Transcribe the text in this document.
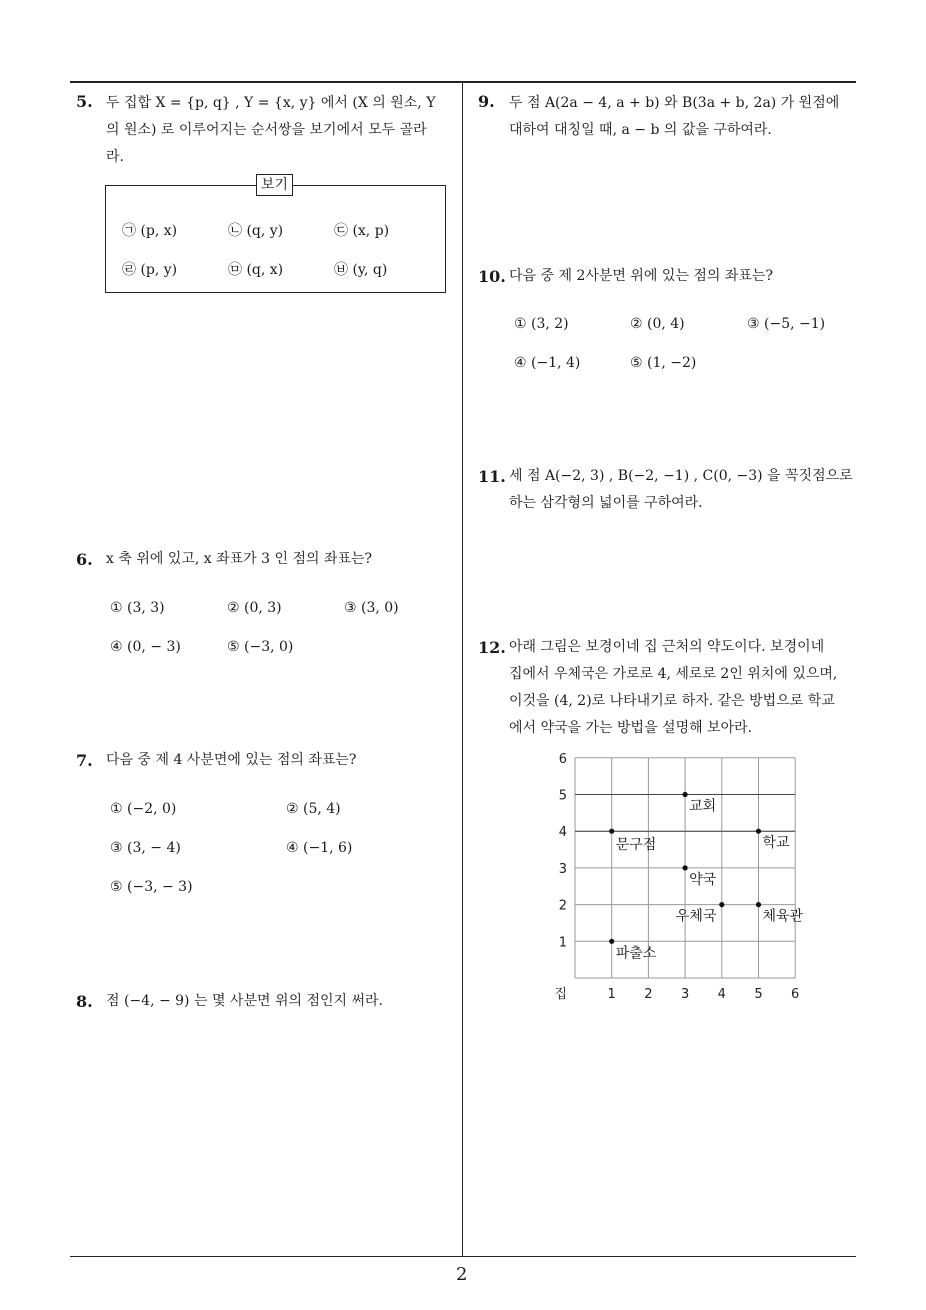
2
5. 두 집합 X = {p, q} , Y = {x, y} 에서 (X 의 원소, Y
의 원소) 로 이루어지는 순서쌍을 보기에서 모두 골라
라.
보기
㉠ (p, x)	㉡ (q, y)	㉢ (x, p)
㉣ (p, y)	㉤ (q, x)	㉥ (y, q)
6. x 축 위에 있고, x 좌표가 3 인 점의 좌표는?
① (3, 3)	② (0, 3)	③ (3, 0)
④ (0, − 3)	⑤ (−3, 0)
7. 다음 중 제 4 사분면에 있는 점의 좌표는?
① (−2, 0)	② (5, 4)
③ (3, − 4)	④ (−1, 6)
⑤ (−3, − 3)
8. 점 (−4, − 9) 는 몇 사분면 위의 점인지 써라.
9. 두 점 A(2a − 4, a + b) 와 B(3a + b, 2a) 가 원점에
대하여 대칭일 때, a − b 의 값을 구하여라.
10. 다음 중 제 2사분면 위에 있는 점의 좌표는?
① (3, 2)	② (0, 4)	③ (−5, −1)
④ (−1, 4)	⑤ (1, −2)
11. 세 점 A(−2, 3) , B(−2, −1) , C(0, −3) 을 꼭짓점으로
하는 삼각형의 넓이를 구하여라.
12. 아래 그림은 보경이네 집 근처의 약도이다. 보경이네
집에서 우체국은 가로로 4, 세로로 2인 위치에 있으며,
이것을 (4, 2)로 나타내기로 하자. 같은 방법으로 학교
에서 약국을 가는 방법을 설명해 보아라.
1 2 3 4 5 6
1
2
3
4
5
6
집
교회
문구점	학교
약국
우체국	체육관
파출소
